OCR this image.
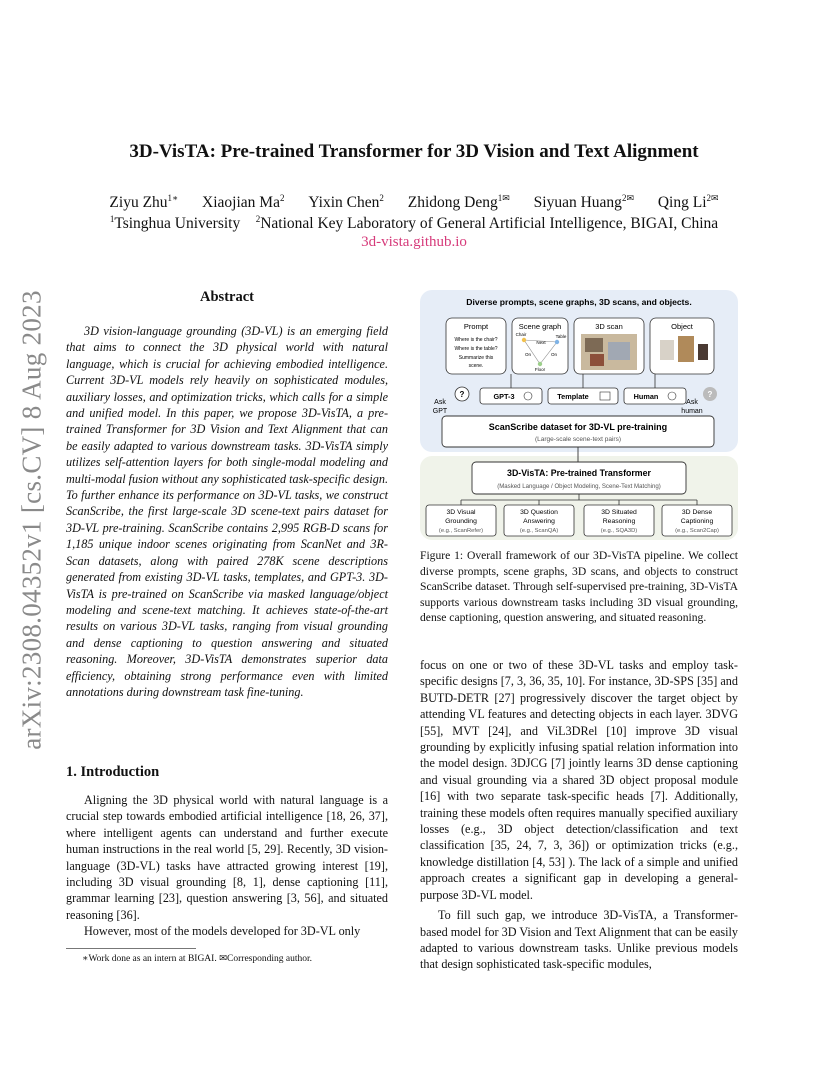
arXiv:2308.04352v1 [cs.CV] 8 Aug 2023
3D-VisTA: Pre-trained Transformer for 3D Vision and Text Alignment
Ziyu Zhu$^{1∗}$ Xiaojian Ma$^2$ Yixin Chen$^2$ Zhidong Deng$^{1✉}$ Siyuan Huang$^{2✉}$ Qing $Li^{2✉}$
$^1$Tsinghua University $^2$National Key Laboratory of General Artificial Intelligence, BIGAI, China
3d-vista.github.io
Abstract
3D vision-language grounding (3D-VL) is an emerging field that aims to connect the 3D physical world with natural language, which is crucial for achieving embodied intelligence. Current 3D-VL models rely heavily on sophisticated modules, auxiliary losses, and optimization tricks, which calls for a simple and unified model. In this paper, we propose 3D-VisTA, a pre-trained Transformer for 3D Vision and Text Alignment that can be easily adapted to various downstream tasks. 3D-VisTA simply utilizes self-attention layers for both single-modal modeling and multi-modal fusion without any sophisticated task-specific design. To further enhance its performance on 3D-VL tasks, we construct ScanScribe, the first large-scale 3D scene-text pairs dataset for 3D-VL pre-training. ScanScribe contains 2,995 RGB-D scans for 1,185 unique indoor scenes originating from ScanNet and 3R-Scan datasets, along with paired 278K scene descriptions generated from existing 3D-VL tasks, templates, and GPT-3. 3D-VisTA is pre-trained on ScanScribe via masked language/object modeling and scene-text matching. It achieves state-of-the-art results on various 3D-VL tasks, ranging from visual grounding and dense captioning to question answering and situated reasoning. Moreover, 3D-VisTA demonstrates superior data efficiency, obtaining strong performance even with limited annotations during downstream task fine-tuning.
1. Introduction

Aligning the 3D physical world with natural language is a crucial step towards embodied artificial intelligence [18, 26, 37], where intelligent agents can understand and further execute human instructions in the real world [5, 29]. Recently, 3D vision-language (3D-VL) tasks have attracted growing interest [19], including 3D visual grounding [8, 1], dense captioning [11], grammar learning [23], question answering [3, 56], and situated reasoning [36].

However, most of the models developed for 3D-VL only

∗Work done as an intern at BIGAI. ✉Corresponding author.
Diverse prompts, scene graphs, 3D scans, and objects.
Prompt
Where is the chair?
Where is the table?
Summarize this
scene.
Scene graph
Chair
Next
Table
On	On
Floor
3D scan	Object
?
Ask
GPT
?
Ask
human
GPT-3	Template	Human
ScanScribe dataset for 3D-VL pre-training
(Large-scale scene-text pairs)
3D-VisTA: Pre-trained Transformer
(Masked Language / Object Modeling, Scene-Text Matching)
3D Visual
Grounding
(e.g., ScanRefer)
3D Question
Answering
(e.g., ScanQA)
3D Situated
Reasoning
(e.g., SQA3D)
3D Dense
Captioning
(e.g., Scan2Cap)
Figure 1: Overall framework of our 3D-VisTA pipeline. We collect diverse prompts, scene graphs, 3D scans, and objects to construct ScanScribe dataset. Through self-supervised pre-training, 3D-VisTA supports various downstream tasks including 3D visual grounding, dense captioning, question answering, and situated reasoning.

focus on one or two of these 3D-VL tasks and employ task-specific designs [7, 3, 36, 35, 10]. For instance, 3D-SPS [35] and BUTD-DETR [27] progressively discover the target object by attending VL features and detecting objects in each layer. 3DVG [55], MVT [24], and ViL3DRel [10] improve 3D visual grounding by explicitly infusing spatial relation information into the model design. 3DJCG [7] jointly learns 3D dense captioning and visual grounding via a shared 3D object proposal module [16] with two separate task-specific heads [7]. Additionally, training these models often requires manually specified auxiliary losses (e.g., 3D object detection/classification and text classification [35, 24, 7, 3, 36]) or optimization tricks (e.g., knowledge distillation [4, 53] ). The lack of a simple and unified approach creates a significant gap in developing a general-purpose 3D-VL model.

To fill such gap, we introduce 3D-VisTA, a Transformer-based model for 3D Vision and Text Alignment that can be easily adapted to various downstream tasks. Unlike previous models that design sophisticated task-specific modules,
